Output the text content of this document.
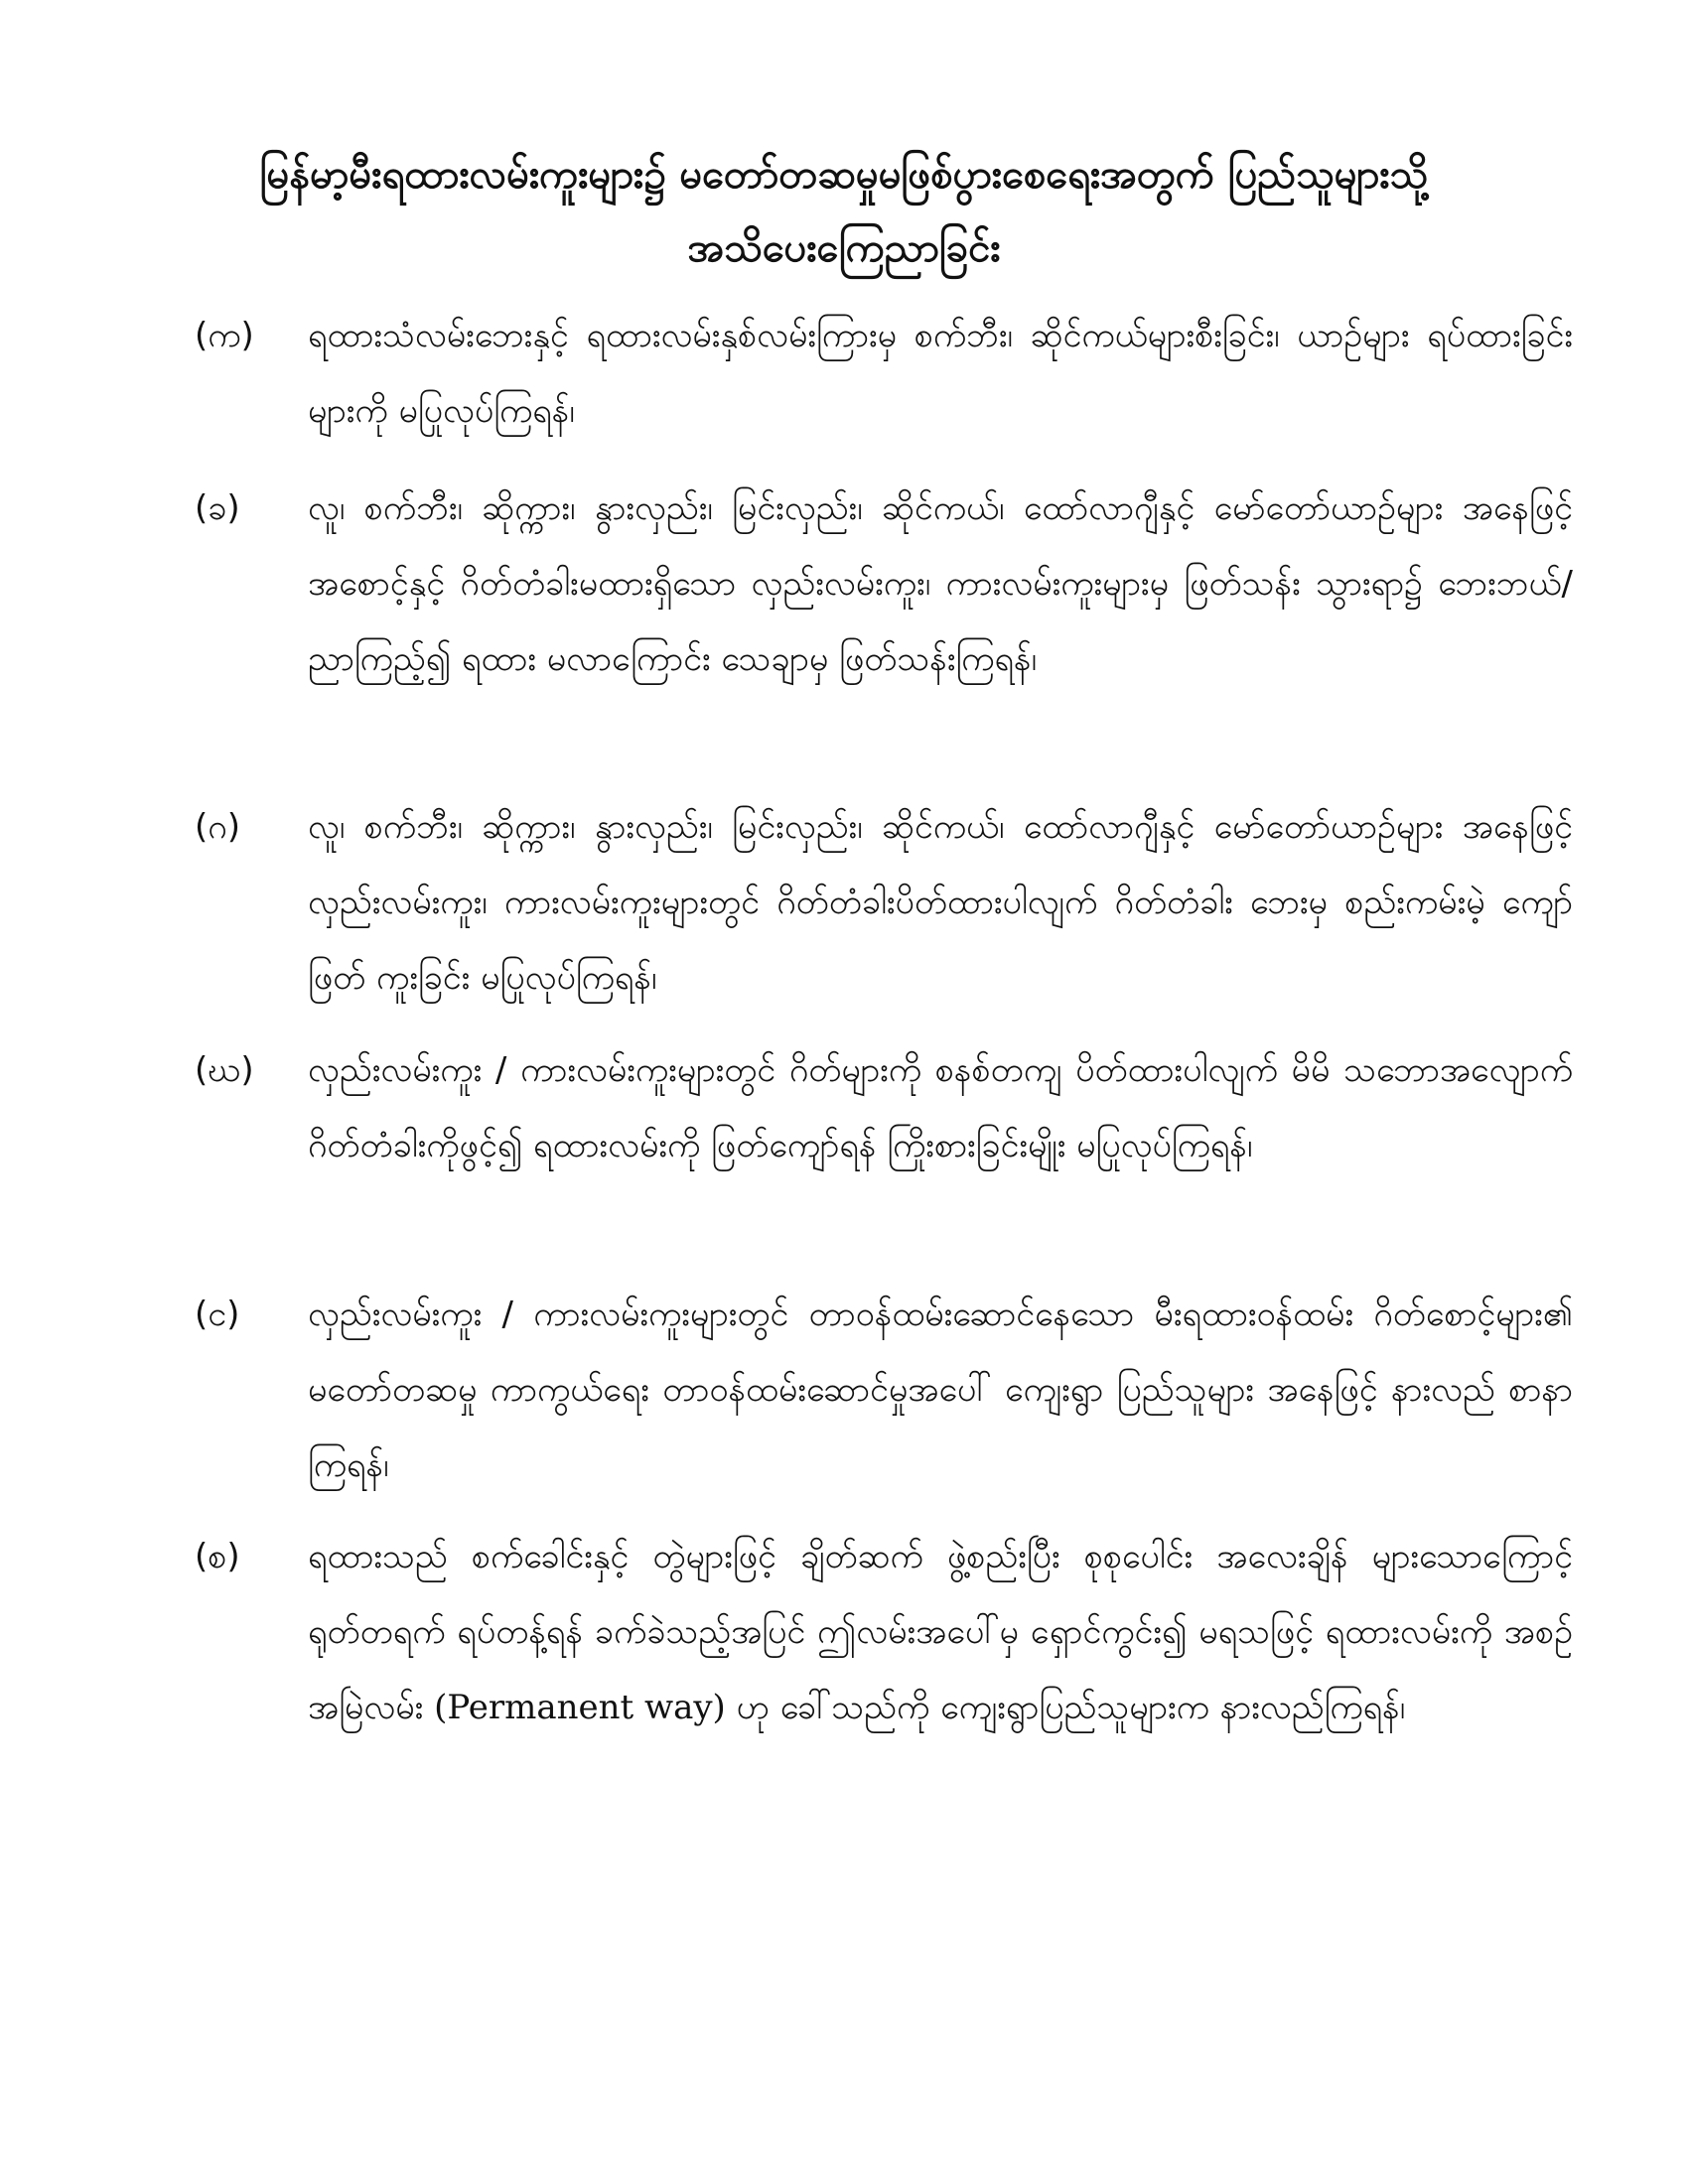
မြန်မာ့မီးရထားလမ်းကူးများ၌ မတော်တဆမှုမဖြစ်ပွားစေရေးအတွက် ပြည်သူများသို့
အသိပေးကြေညာခြင်း
(က)	ရထားသံလမ်းဘေးနှင့် ရထားလမ်းနှစ်လမ်းကြားမှ စက်ဘီး၊ ဆိုင်ကယ်များစီးခြင်း၊ ယာဉ်များ ရပ်ထားခြင်းများကို မပြုလုပ်ကြရန်၊
(ခ)	လူ၊ စက်ဘီး၊ ဆိုက္ကား၊ နွားလှည်း၊ မြင်းလှည်း၊ ဆိုင်ကယ်၊ ထော်လာဂျီနှင့် မော်တော်ယာဉ်များ အနေဖြင့် အစောင့်နှင့် ဂိတ်တံခါးမထားရှိသော လှည်းလမ်းကူး၊ ကားလမ်းကူးများမှ ဖြတ်သန်း သွားရာ၌ ဘေးဘယ်/ညာကြည့်၍ ရထား မလာကြောင်း သေချာမှ ဖြတ်သန်းကြရန်၊
(ဂ)	လူ၊ စက်ဘီး၊ ဆိုက္ကား၊ နွားလှည်း၊ မြင်းလှည်း၊ ဆိုင်ကယ်၊ ထော်လာဂျီနှင့် မော်တော်ယာဉ်များ အနေဖြင့် လှည်းလမ်းကူး၊ ကားလမ်းကူးများတွင် ဂိတ်တံခါးပိတ်ထားပါလျက် ဂိတ်တံခါး ဘေးမှ စည်းကမ်းမဲ့ ကျော်ဖြတ် ကူးခြင်း မပြုလုပ်ကြရန်၊
(ဃ)	လှည်းလမ်းကူး / ကားလမ်းကူးများတွင် ဂိတ်များကို စနစ်တကျ ပိတ်ထားပါလျက် မိမိ သဘောအလျောက် ဂိတ်တံခါးကိုဖွင့်၍ ရထားလမ်းကို ဖြတ်ကျော်ရန် ကြိုးစားခြင်းမျိုး မပြုလုပ်ကြရန်၊
(င)	လှည်းလမ်းကူး / ကားလမ်းကူးများတွင် တာဝန်ထမ်းဆောင်နေသော မီးရထားဝန်ထမ်း ဂိတ်စောင့်များ၏ မတော်တဆမှု ကာကွယ်ရေး တာဝန်ထမ်းဆောင်မှုအပေါ် ကျေးရွာ ပြည်သူများ အနေဖြင့် နားလည် စာနာကြရန်၊
(စ)	ရထားသည် စက်ခေါင်းနှင့် တွဲများဖြင့် ချိတ်ဆက် ဖွဲ့စည်းပြီး စုစုပေါင်း အလေးချိန် များသောကြောင့် ရုတ်တရက် ရပ်တန့်ရန် ခက်ခဲသည့်အပြင် ဤလမ်းအပေါ်မှ ရှောင်ကွင်း၍ မရသဖြင့် ရထားလမ်းကို အစဉ်အမြဲလမ်း (Permanent way) ဟု ခေါ်သည်ကို ကျေးရွာပြည်သူများက နားလည်ကြရန်၊
